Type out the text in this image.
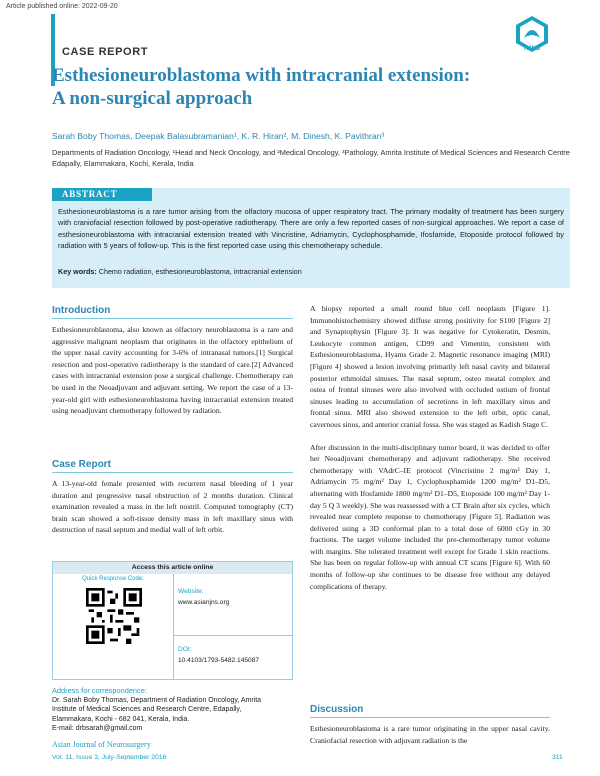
Article published online: 2022-09-20
CASE REPORT	AJNS
Esthesioneuroblastoma with intracranial extension:
A non-surgical approach
Sarah Boby Thomas, Deepak Balasubramanian¹, K. R. Hiran², M. Dinesh, K. Pavithran³
Departments of Radiation Oncology, ¹Head and Neck Oncology, and ²Medical Oncology, ³Pathology, Amrita Institute of Medical Sciences and Research Centre Edapally, Elammakara, Kochi, Kerala, India
ABSTRACT
Esthesioneuroblastoma is a rare tumor arising from the olfactory mucosa of upper respiratory tract. The primary modality of treatment has been surgery with craniofacial resection followed by post-operative radiotherapy. There are only a few reported cases of non-surgical approaches. We report a case of esthesioneuroblastoma with intracranial extension treated with Vincristine, Adriamycin, Cyclophosphamide, Ifosfamide, Etoposide protocol followed by radiation with 5 years of follow-up. This is the first reported case using this chemotherapy schedule.
Key words: Chemo radiation, esthesioneuroblastoma, intracranial extension
Introduction

Esthesioneuroblastoma, also known as olfactory neuroblastoma is a rare and aggressive malignant neoplasm that originates in the olfactory epithelium of the upper nasal cavity accounting for 3-6% of intranasal tumors.[1] Surgical resection and post-operative radiotherapy is the standard of care.[2] Advanced cases with intracranial extension pose a surgical challenge. Chemotherapy can be used in the Neoadjuvant and adjuvant setting. We report the case of a 13-year-old girl with esthesioneuroblastoma having intracranial extension treated using neoadjuvant chemotherapy followed by radiation.

Case Report

A 13-year-old female presented with recurrent nasal bleeding of 1 year duration and progressive nasal obstruction of 2 months duration. Clinical examination revealed a mass in the left nostril. Computed tomography (CT) brain scan showed a soft-tissue density mass in left maxillary sinus with destruction of nasal septum and medial wall of left orbit.

Access this article online
Quick Response Code:
Website:
www.asianjns.org
DOI:
10.4103/1793-5482.145087
Address for correspondence:
Dr. Sarah Boby Thomas, Department of Radiation Oncology, Amrita
Institute of Medical Sciences and Research Centre, Edapally,
Elammakara, Kochi - 682 041, Kerala, India.
E-mail: drbsarah@gmail.com

A biopsy reported a small round blue cell neoplasm [Figure 1]. Immunohistochemistry showed diffuse strong positivity for S100 [Figure 2] and Synaptophysin [Figure 3]. It was negative for Cytokeratin, Desmin, Leukocyte common antigen, CD99 and Vimentin, consistent with Esthesioneuroblastoma, Hyams Grade 2. Magnetic resonance imaging (MRI) [Figure 4] showed a lesion involving primarily left nasal cavity and bilateral posterior ethmoidal sinuses. The nasal septum, osteo meatal complex and ostea of frontal sinuses were also involved with occluded ostium of frontal sinuses leading to accumulation of secretions in left maxillary sinus and frontal sinus. MRI also showed extension to the left orbit, optic canal, cavernous sinus, and anterior cranial fossa. She was staged as Kadish Stage C.

After discussion in the multi-disciplinary tumor board, it was decided to offer her Neoadjuvant chemotherapy and adjuvant radiotherapy. She received chemotherapy with VAdrC–IE protocol (Vincristine 2 mg/m² Day 1, Adriamycin 75 mg/m² Day 1, Cyclophosphamide 1200 mg/m² D1–D5, alternating with Ifosfamide 1800 mg/m² D1–D5, Etoposide 100 mg/m² Day 1-day 5 Q 3 weekly). She was reassessed with a CT Brain after six cycles, which revealed near complete response to chemotherapy [Figure 5]. Radiation was delivered using a 3D conformal plan to a total dose of 6000 cGy in 30 fractions. The target volume included the pre-chemotherapy tumor volume with margins. She tolerated treatment well except for Grade 1 skin reactions. She has been on regular follow-up with annual CT scans [Figure 6]. With 60 months of follow-up she continues to be disease free without any delayed complications of therapy.

Discussion

Esthesioneuroblastoma is a rare tumor originating in the upper nasal cavity. Craniofacial resection with adjuvant radiation is the

Asian Journal of Neurosurgery
Vol. 11, Issue 3, July-September 2016	311
